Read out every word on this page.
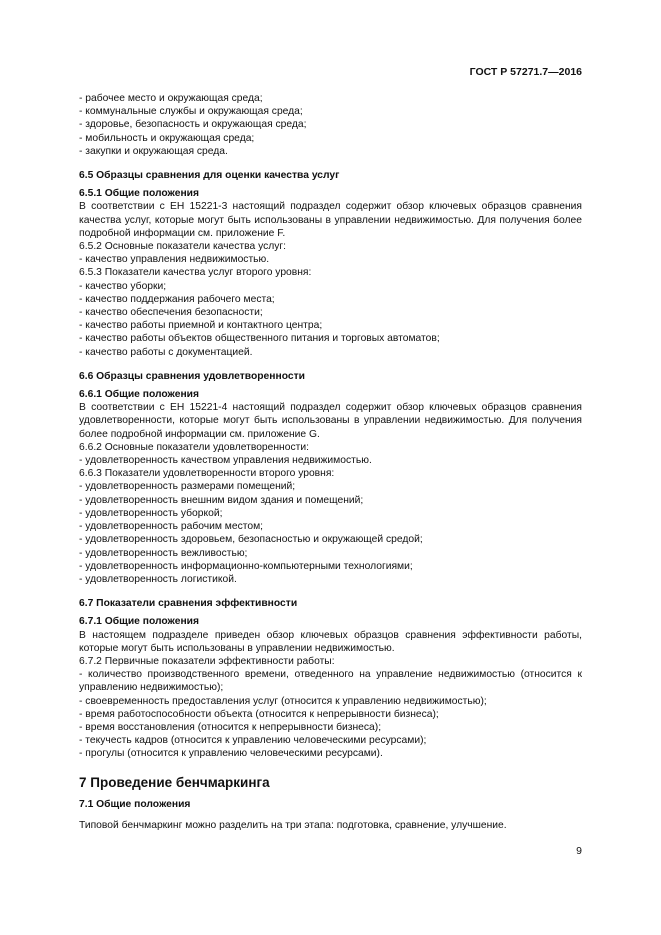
ГОСТ Р 57271.7—2016
- рабочее место и окружающая среда;
- коммунальные службы и окружающая среда;
- здоровье, безопасность и окружающая среда;
- мобильность и окружающая среда;
- закупки и окружающая среда.
6.5 Образцы сравнения для оценки качества услуг
6.5.1 Общие положения
В соответствии с ЕН 15221-3 настоящий подраздел содержит обзор ключевых образцов сравнения качества услуг, которые могут быть использованы в управлении недвижимостью. Для получения более подробной информации см. приложение F.
6.5.2 Основные показатели качества услуг:
- качество управления недвижимостью.
6.5.3 Показатели качества услуг второго уровня:
- качество уборки;
- качество поддержания рабочего места;
- качество обеспечения безопасности;
- качество работы приемной и контактного центра;
- качество работы объектов общественного питания и торговых автоматов;
- качество работы с документацией.
6.6 Образцы сравнения удовлетворенности
6.6.1 Общие положения
В соответствии с ЕН 15221-4 настоящий подраздел содержит обзор ключевых образцов сравнения удовлетворенности, которые могут быть использованы в управлении недвижимостью. Для получения более подробной информации см. приложение G.
6.6.2 Основные показатели удовлетворенности:
- удовлетворенность качеством управления недвижимостью.
6.6.3 Показатели удовлетворенности второго уровня:
- удовлетворенность размерами помещений;
- удовлетворенность внешним видом здания и помещений;
- удовлетворенность уборкой;
- удовлетворенность рабочим местом;
- удовлетворенность здоровьем, безопасностью и окружающей средой;
- удовлетворенность вежливостью;
- удовлетворенность информационно-компьютерными технологиями;
- удовлетворенность логистикой.
6.7 Показатели сравнения эффективности
6.7.1 Общие положения
В настоящем подразделе приведен обзор ключевых образцов сравнения эффективности работы, которые могут быть использованы в управлении недвижимостью.
6.7.2 Первичные показатели эффективности работы:
- количество производственного времени, отведенного на управление недвижимостью (относится к управлению недвижимостью);
- своевременность предоставления услуг (относится к управлению недвижимостью);
- время работоспособности объекта (относится к непрерывности бизнеса);
- время восстановления (относится к непрерывности бизнеса);
- текучесть кадров (относится к управлению человеческими ресурсами);
- прогулы (относится к управлению человеческими ресурсами).
7 Проведение бенчмаркинга
7.1 Общие положения
Типовой бенчмаркинг можно разделить на три этапа: подготовка, сравнение, улучшение.
9
